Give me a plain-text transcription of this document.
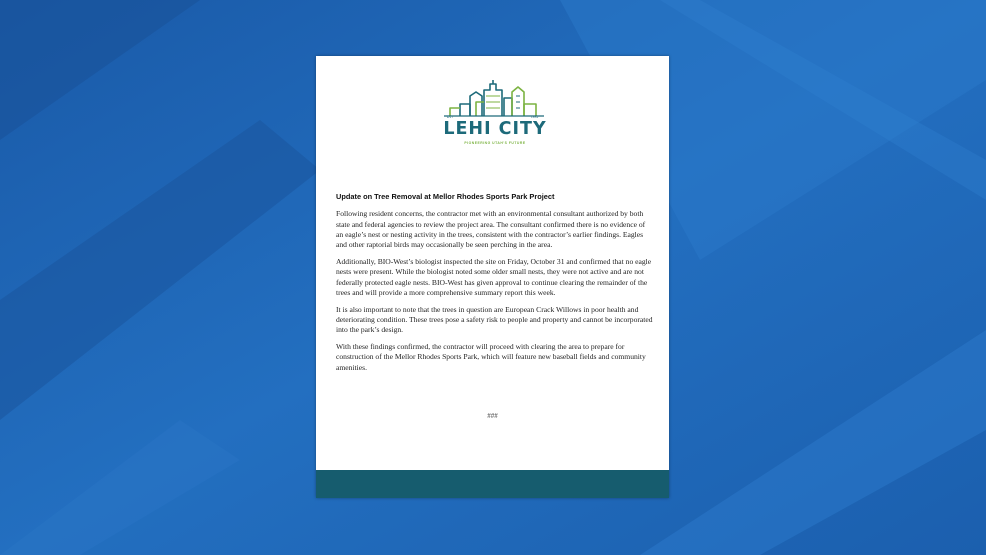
EST	1852
LEHI CITY
PIONEERING UTAH'S FUTURE
Update on Tree Removal at Mellor Rhodes Sports Park Project

Following resident concerns, the contractor met with an environmental consultant authorized by both state and federal agencies to review the project area. The consultant confirmed there is no evidence of an eagle’s nest or nesting activity in the trees, consistent with the contractor’s earlier findings. Eagles and other raptorial birds may occasionally be seen perching in the area.

Additionally, BIO-West’s biologist inspected the site on Friday, October 31 and confirmed that no eagle nests were present. While the biologist noted some older small nests, they were not active and are not federally protected eagle nests. BIO-West has given approval to continue clearing the remainder of the trees and will provide a more comprehensive summary report this week.

It is also important to note that the trees in question are European Crack Willows in poor health and deteriorating condition. These trees pose a safety risk to people and property and cannot be incorporated into the park’s design.

With these findings confirmed, the contractor will proceed with clearing the area to prepare for construction of the Mellor Rhodes Sports Park, which will feature new baseball fields and community amenities.

###
